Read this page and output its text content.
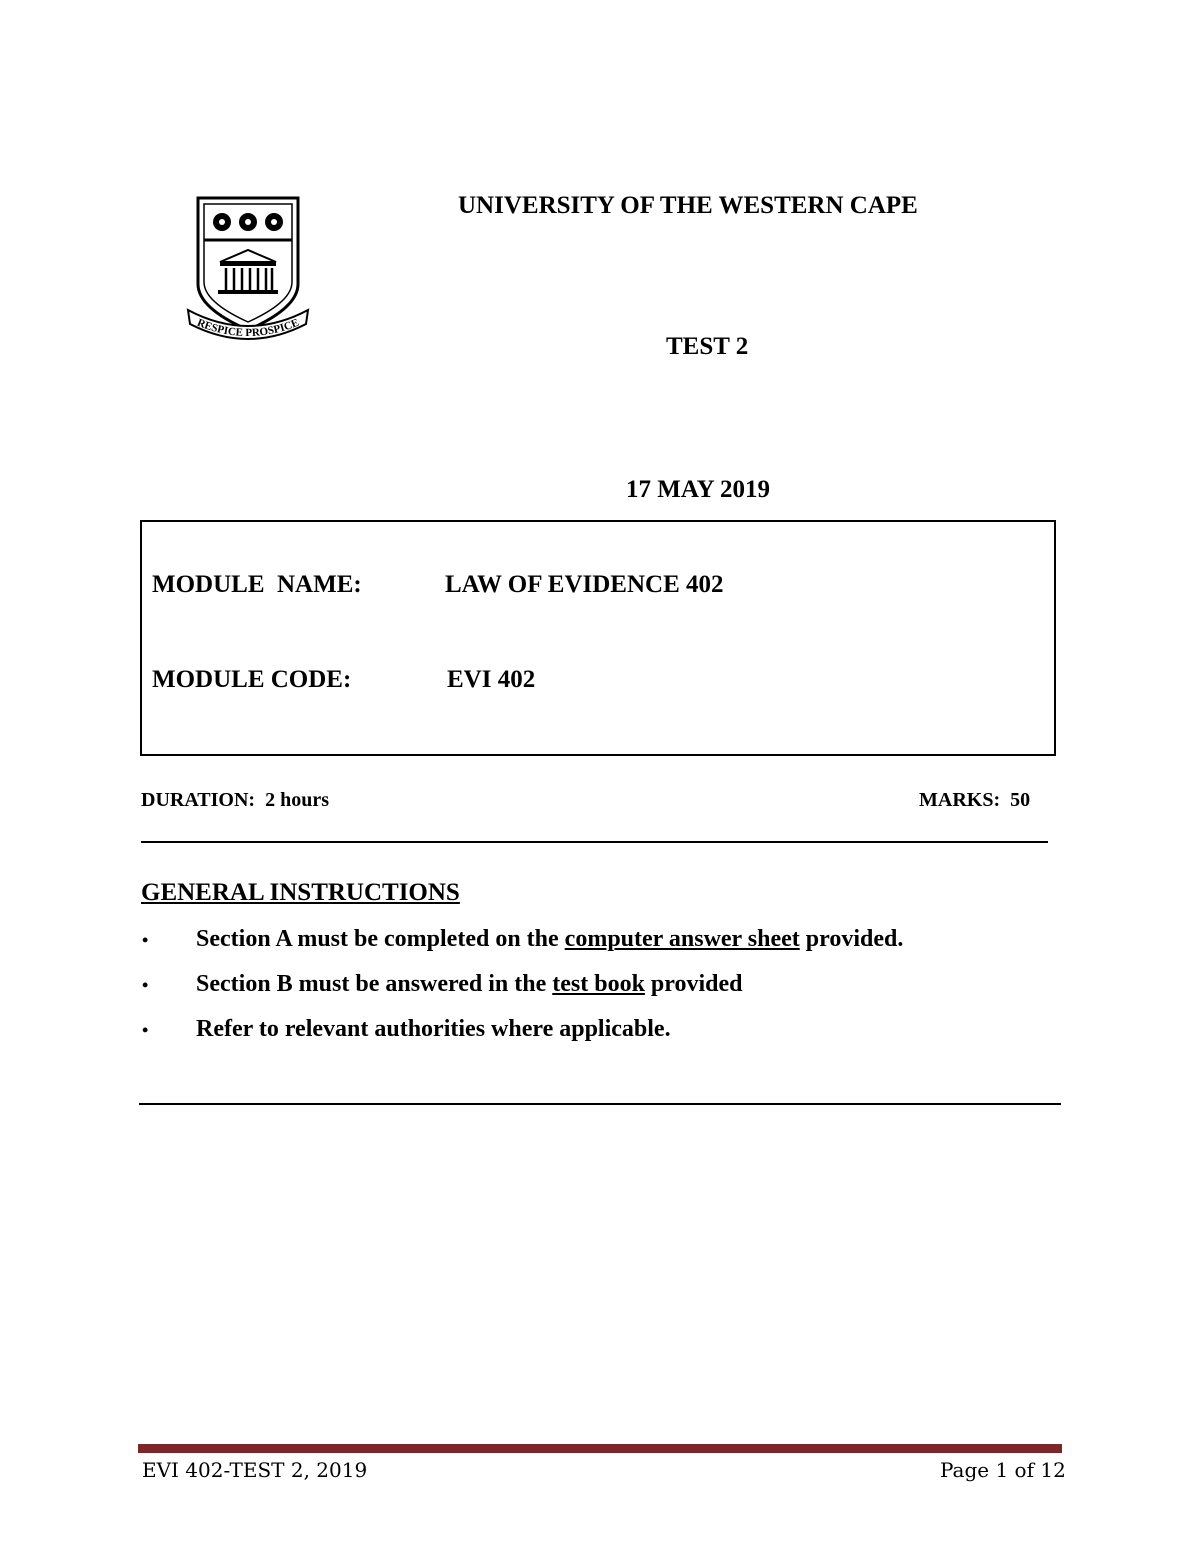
RESPICE PROSPICE
UNIVERSITY OF THE WESTERN CAPE
TEST 2
17 MAY 2019
MODULE  NAME:	LAW OF EVIDENCE 402
MODULE CODE:	EVI 402
DURATION:  2 hours	MARKS:  50
GENERAL INSTRUCTIONS
• Section A must be completed on the computer answer sheet provided.
• Section B must be answered in the test book provided
• Refer to relevant authorities where applicable.
EVI 402-TEST 2, 2019	Page 1 of 12
